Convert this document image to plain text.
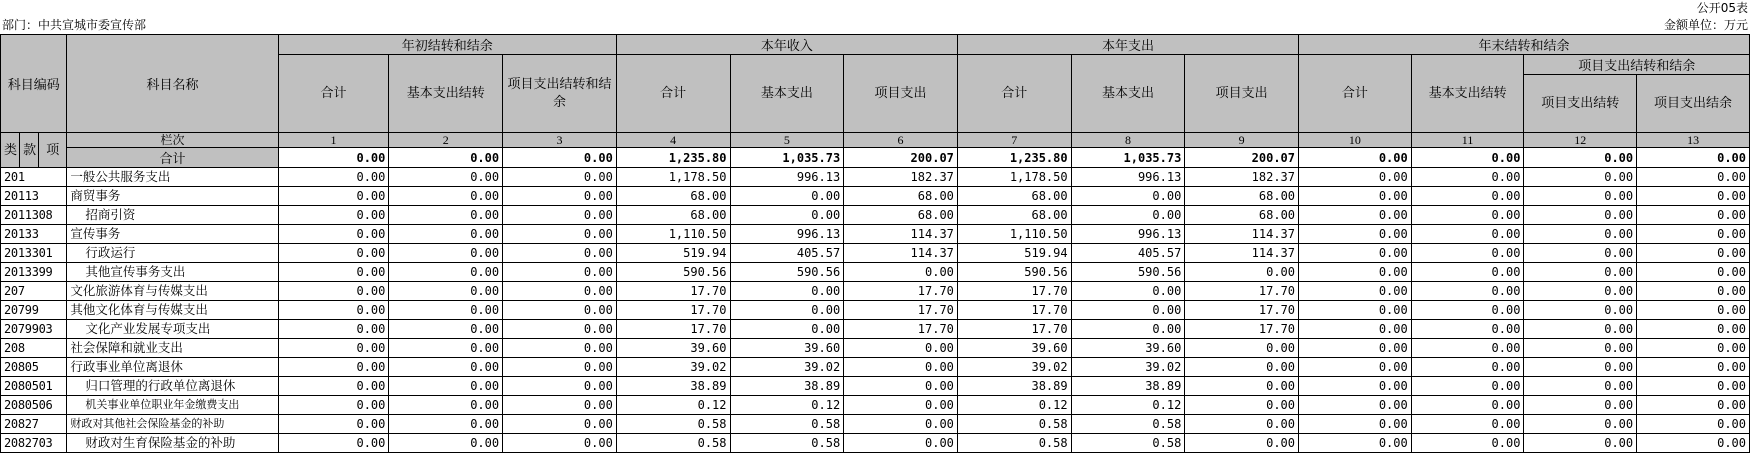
公开05表
部门：中共宣城市委宣传部	金额单位：万元
科目编码			科目名称	年初结转和结余			本年收入			本年支出			年末结转和结余			
				合计	基本支出结转	项目支出结转和结余	合计	基本支出	项目支出	合计	基本支出	项目支出	合计	基本支出结转	项目支出结转和结余	
															项目支出结转	项目支出结余
类	款	项	栏次	1	2	3	4	5	6	7	8	9	10	11	12	13
			合计	0.00	0.00	0.00	1,235.80	1,035.73	200.07	1,235.80	1,035.73	200.07	0.00	0.00	0.00	0.00
201			一般公共服务支出	0.00	0.00	0.00	1,178.50	996.13	182.37	1,178.50	996.13	182.37	0.00	0.00	0.00	0.00
20113			商贸事务	0.00	0.00	0.00	68.00	0.00	68.00	68.00	0.00	68.00	0.00	0.00	0.00	0.00
2011308			招商引资	0.00	0.00	0.00	68.00	0.00	68.00	68.00	0.00	68.00	0.00	0.00	0.00	0.00
20133			宣传事务	0.00	0.00	0.00	1,110.50	996.13	114.37	1,110.50	996.13	114.37	0.00	0.00	0.00	0.00
2013301			行政运行	0.00	0.00	0.00	519.94	405.57	114.37	519.94	405.57	114.37	0.00	0.00	0.00	0.00
2013399			其他宣传事务支出	0.00	0.00	0.00	590.56	590.56	0.00	590.56	590.56	0.00	0.00	0.00	0.00	0.00
207			文化旅游体育与传媒支出	0.00	0.00	0.00	17.70	0.00	17.70	17.70	0.00	17.70	0.00	0.00	0.00	0.00
20799			其他文化体育与传媒支出	0.00	0.00	0.00	17.70	0.00	17.70	17.70	0.00	17.70	0.00	0.00	0.00	0.00
2079903			文化产业发展专项支出	0.00	0.00	0.00	17.70	0.00	17.70	17.70	0.00	17.70	0.00	0.00	0.00	0.00
208			社会保障和就业支出	0.00	0.00	0.00	39.60	39.60	0.00	39.60	39.60	0.00	0.00	0.00	0.00	0.00
20805			行政事业单位离退休	0.00	0.00	0.00	39.02	39.02	0.00	39.02	39.02	0.00	0.00	0.00	0.00	0.00
2080501			归口管理的行政单位离退休	0.00	0.00	0.00	38.89	38.89	0.00	38.89	38.89	0.00	0.00	0.00	0.00	0.00
2080506			机关事业单位职业年金缴费支出	0.00	0.00	0.00	0.12	0.12	0.00	0.12	0.12	0.00	0.00	0.00	0.00	0.00
20827			财政对其他社会保险基金的补助	0.00	0.00	0.00	0.58	0.58	0.00	0.58	0.58	0.00	0.00	0.00	0.00	0.00
2082703			财政对生育保险基金的补助	0.00	0.00	0.00	0.58	0.58	0.00	0.58	0.58	0.00	0.00	0.00	0.00	0.00
